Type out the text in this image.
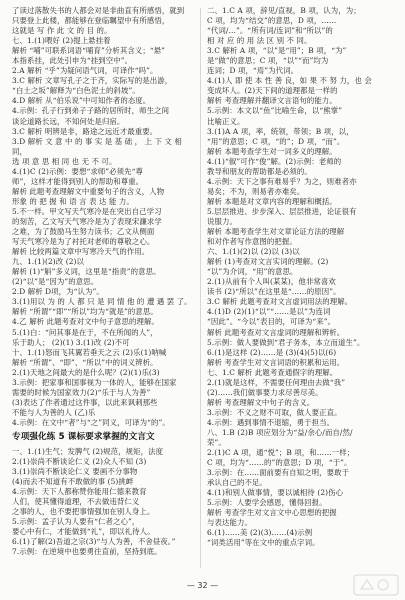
了读过落散失书的人都会对是非曲直有所感悟，就到

只要登上此楼，都能够在登临瞩望中有所感悟，

这就是 写 作 此 文 的 目 的。

七、1.(1)喂好 (2)提上悬挂着

解析 “哺”可联系词语“哺育”分析其含义；“悬”

本指系挂，此处引申为“挂到空中”。

2.A 解析 “乎”为疑问语气词，可译作“吗”。

3.C 解析 文章写孔子之于齐，实际写的是出游，

“白土之坂”解释为“白色泥土的斜坡”。

4.D 解析 从“伯乐说”中可知作者的态度。

4.示例：孔子行到弟子子路的居所时，师生之间

谈论道路长远，不知何处是归宿。

3.C 解析 明辨是非，路途之远近才最重要。

3.D 解析 文 意 中 的 事 实 是 基 础 ， 上 下 文 相 同，

选 项 意 思 相 同 也 无 不 可。

4.(1)C (2)示例：要想“求师”必须先“尊

师”，这样才能得到别人的帮助和尊重。

解析 此题考查理解文中重要句子的含义，人物

形象 的 把 握 和 语 言 表 达 能 力。

5.不一样。甲文写天气寒冷是在突出自己学习

的刻苦，乙文写天气寒冷是为了表现宋濂求学

之难，为了鼓励马生努力读书；乙文从侧面

写天气寒冷是为了衬托对老师的尊敬之心。

解析 比较两篇文章中写寒冷天气的作用。

九、1.(1)(2)改 (2)以

解析 (1)“斛”多义词，这里是“指责”的意思。

(2)“以”是“因为”的意思。

2.D 解析 D项，为“认为”。

3.(1)用以 为 的 人 都 只 是 同 情 他 的 遭 遇 罢 了。

解析 “所谓”“即”“所以”均为“就是”的意思。

4.乙 解析 此题考查对文中句子意思的理解。

5.(1)白：“问其事是在于，不在所闻的人”，

乐于助人； (2)(1) 3.(1)改 (2)不可

十、1.(1)怒而飞其翼若垂天之云 (2)乐(1)呐喊

解析 “所谓”、“即”、“所以”中的词义辨析。

2.(1)天地之间最大的是什么呢？(2)(1)乐(3)

3.示例：把家事和国事视为一体的人，能够在国家

需要的时候为国家效力(2)“乐于与人为善”

(3)表达了作者通过这件事，以此来讽刺那些

不能与人为善的人 (乙)乐

4.示例：在文中“者”与“之”同义，可译为“的”。

专项强化练 5 课标要求掌握的文言文

一、1.(1)生气；发脾气 (2)规范，规矩，法度

2.(1)崇尚不断谈论仁义 (2)众人不知 (3)

3.(1)崇尚不断谈论仁义 要画不分事物

(4)而去不知道有不敢做的事 (5)挑衅

4.示例：天下人都称赞你能用仁德来教育

人们，使其懂得道理，不去做违背仁义

之事的人，也不要把事情强加在别人身上。

5.示例：孟子认为人要有“仁者之心”，

要心中有仁，才能做到“礼”，即以礼待人。

6.(1)了解(2)吾道之宗(3)“与人为善，不舍昼夜。”

7.示例：在逆境中也要勇往直前，坚持到底。

二、1.C A 项，辞见/直视，B 项，认为，为；

C 项，均为“结交”的意思，D 项，……

“代词/…”。“所有词/连词”和“所以”的

相 对 应 的 用 法 区 别 不 同。

3.C 解析 A 项，“以”是“用”；B 项，“为”

是“做”的意思；C 项，“以”“而”均为

连词；D 项，“焉”为代词。

4.(1)人 即 使 本 性 善 良，如 果 不 努 力，也 会

变成坏人。(2)天下间的道理都是一样的

解析 考查理解并翻译文言语句的能力。

5.示例：本文以“鱼”比喻生命，以“熊掌”

比喻正义。

3.(1)A A 项，率，统领，带领；B 项，以，

“用”的意思；C 项，“的”；D 项，“而”。

解析 本题考查学生对一词多义的理解。

4.(1)“俶”可作“俊”解。(2)示例：老师的

教导和朋友的帮助都是必须的。

4.示例：天下之事有难易乎？为之，则难者亦

易矣；不为，则易者亦难矣。

解析 本题是对文章内容的理解和概括。

5.层层推进、步步深入、层层推进，论证很有

说服力。

解析 本题考查学生对文章论证方法的理解

和对作者写作意图的把握。

六、1.(1)(2)以 (2)以 (3)以

解析 (1)考查对文言实词的理解。(2)

“以”为介词，“用”的意思。

2.(1)从前有个人叫(某某)，他非常喜欢

读书 (2)“所以”在这里是“……的原因”。

3.C 解析 此题考查对文言虚词用法的理解。

4.(1)D (2)(1)“以”“……是以”为连词

“因此”。“今以”表目的，可译为“来”。

解析 此题考查对文言虚词的理解和辨析。

5.示例：做人要做到“君子务本，本立而道生”。

6.(1)是这样 (2)……是 (3)(4)(5)以(6)

解析 考查学生对文言词语的积累和运用。

七、1.C 解析 此题考查通假字的理解。

2.(1)就是这样，不需要任何理由去做“我”

(2)……我们做事要力求尽善尽美。

解析 考查理解文中句子的含义。

3.示例：不义之财不可取，做人要正直。

4.示例：遇到事情不退缩，勇于担当。

八、1.B (2)B 项应划分为“益/余心/而自/然/

荣”。

2.(1)C A 项，通“悦”；B 项，和……一样；

C 项，均为“……的”的意思；D 项，“于”。

3.示例：在……面前要有自知之明，要敢于

承认自己的不足。

4.(1)和别人做事情，要以诚相待 (2)伤心

5.示例：人要学会感恩，懂得回报。

解析 考查学生对文言文中心思想的把握

与表达能力。

6.(1)……美 (2)(3)……(4)示例

“词类活用”等在文中的重点字词。

— 32 —
